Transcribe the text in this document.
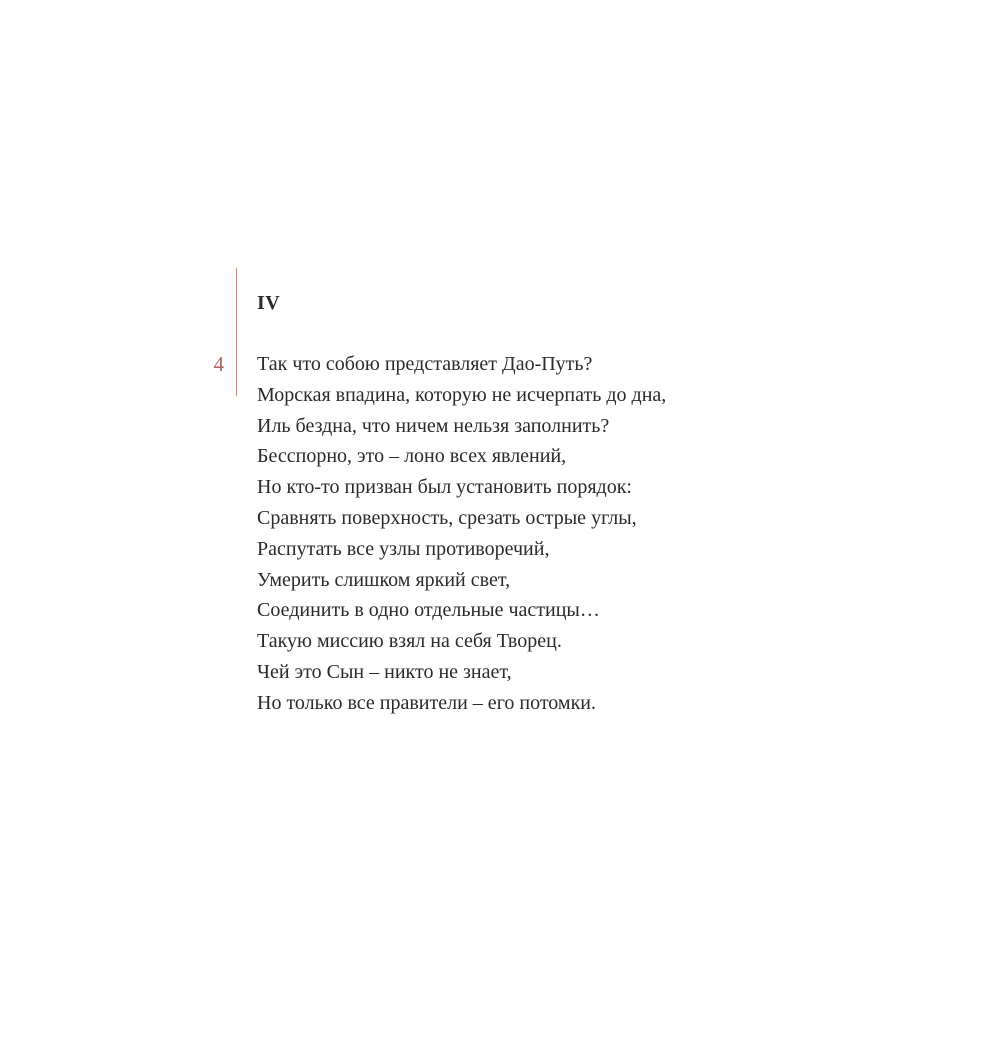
4
IV
Так что собою представляет Дао-Путь?
Морская впадина, которую не исчерпать до дна,
Иль бездна, что ничем нельзя заполнить?
Бесспорно, это – лоно всех явлений,
Но кто-то призван был установить порядок:
Сравнять поверхность, срезать острые углы,
Распутать все узлы противоречий,
Умерить слишком яркий свет,
Соединить в одно отдельные частицы…
Такую миссию взял на себя Творец.
Чей это Сын – никто не знает,
Но только все правители – его потомки.
